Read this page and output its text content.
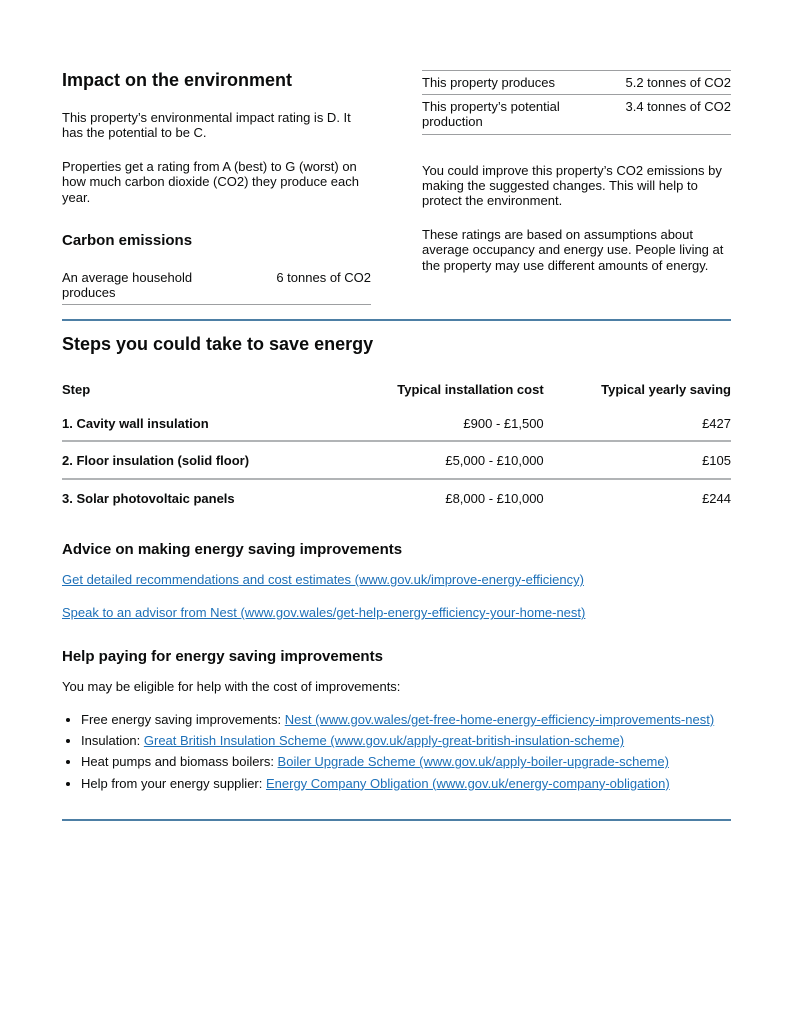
Impact on the environment

This property’s environmental impact rating is D. It has the potential to be C.

Properties get a rating from A (best) to G (worst) on how much carbon dioxide (CO2) they produce each year.

Carbon emissions
An average household produces	6 tonnes of CO2
This property produces	5.2 tonnes of CO2
This property’s potential production	3.4 tonnes of CO2

You could improve this property’s CO2 emissions by making the suggested changes. This will help to protect the environment.

These ratings are based on assumptions about average occupancy and energy use. People living at the property may use different amounts of energy.

Steps you could take to save energy
Step	Typical installation cost	Typical yearly saving
1. Cavity wall insulation	£900 - £1,500	£427
2. Floor insulation (solid floor)	£5,000 - £10,000	£105
3. Solar photovoltaic panels	£8,000 - £10,000	£244
Advice on making energy saving improvements

Get detailed recommendations and cost estimates (www.gov.uk/improve-energy-efficiency)

Speak to an advisor from Nest (www.gov.wales/get-help-energy-efficiency-your-home-nest)

Help paying for energy saving improvements

You may be eligible for help with the cost of improvements:

• Free energy saving improvements: Nest (www.gov.wales/get-free-home-energy-efficiency-improvements-nest)
• Insulation: Great British Insulation Scheme (www.gov.uk/apply-great-british-insulation-scheme)
• Heat pumps and biomass boilers: Boiler Upgrade Scheme (www.gov.uk/apply-boiler-upgrade-scheme)
• Help from your energy supplier: Energy Company Obligation (www.gov.uk/energy-company-obligation)
